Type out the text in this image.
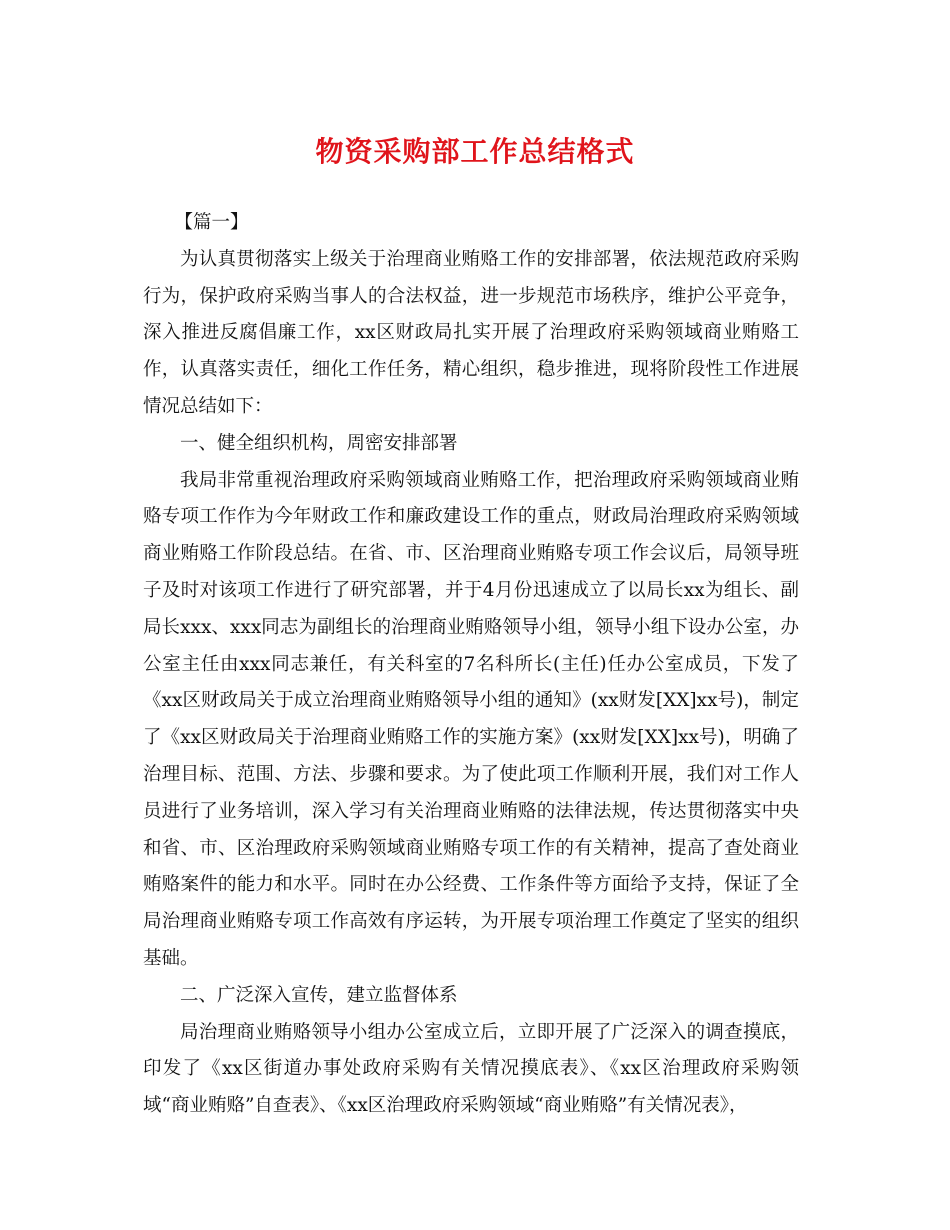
物资采购部工作总结格式

【篇一】

为认真贯彻落实上级关于治理商业贿赂工作的安排部署，依法规范政府采购行为，保护政府采购当事人的合法权益，进一步规范市场秩序，维护公平竞争，深入推进反腐倡廉工作，xx区财政局扎实开展了治理政府采购领域商业贿赂工作，认真落实责任，细化工作任务，精心组织，稳步推进，现将阶段性工作进展情况总结如下：

一、健全组织机构，周密安排部署

我局非常重视治理政府采购领域商业贿赂工作，把治理政府采购领域商业贿赂专项工作作为今年财政工作和廉政建设工作的重点，财政局治理政府采购领域商业贿赂工作阶段总结。在省、市、区治理商业贿赂专项工作会议后，局领导班子及时对该项工作进行了研究部署，并于4月份迅速成立了以局长xx为组长、副局长xxx、xxx同志为副组长的治理商业贿赂领导小组，领导小组下设办公室，办公室主任由xxx同志兼任，有关科室的7名科所长(主任)任办公室成员，下发了《xx区财政局关于成立治理商业贿赂领导小组的通知》(xx财发[XX]xx号)，制定了《xx区财政局关于治理商业贿赂工作的实施方案》(xx财发[XX]xx号)，明确了治理目标、范围、方法、步骤和要求。为了使此项工作顺利开展，我们对工作人员进行了业务培训，深入学习有关治理商业贿赂的法律法规，传达贯彻落实中央和省、市、区治理政府采购领域商业贿赂专项工作的有关精神，提高了查处商业贿赂案件的能力和水平。同时在办公经费、工作条件等方面给予支持，保证了全局治理商业贿赂专项工作高效有序运转，为开展专项治理工作奠定了坚实的组织基础。

二、广泛深入宣传，建立监督体系

局治理商业贿赂领导小组办公室成立后，立即开展了广泛深入的调查摸底，印发了《xx区街道办事处政府采购有关情况摸底表》、《xx区治理政府采购领域“商业贿赂”自查表》、《xx区治理政府采购领域“商业贿赂”有关情况表》，
